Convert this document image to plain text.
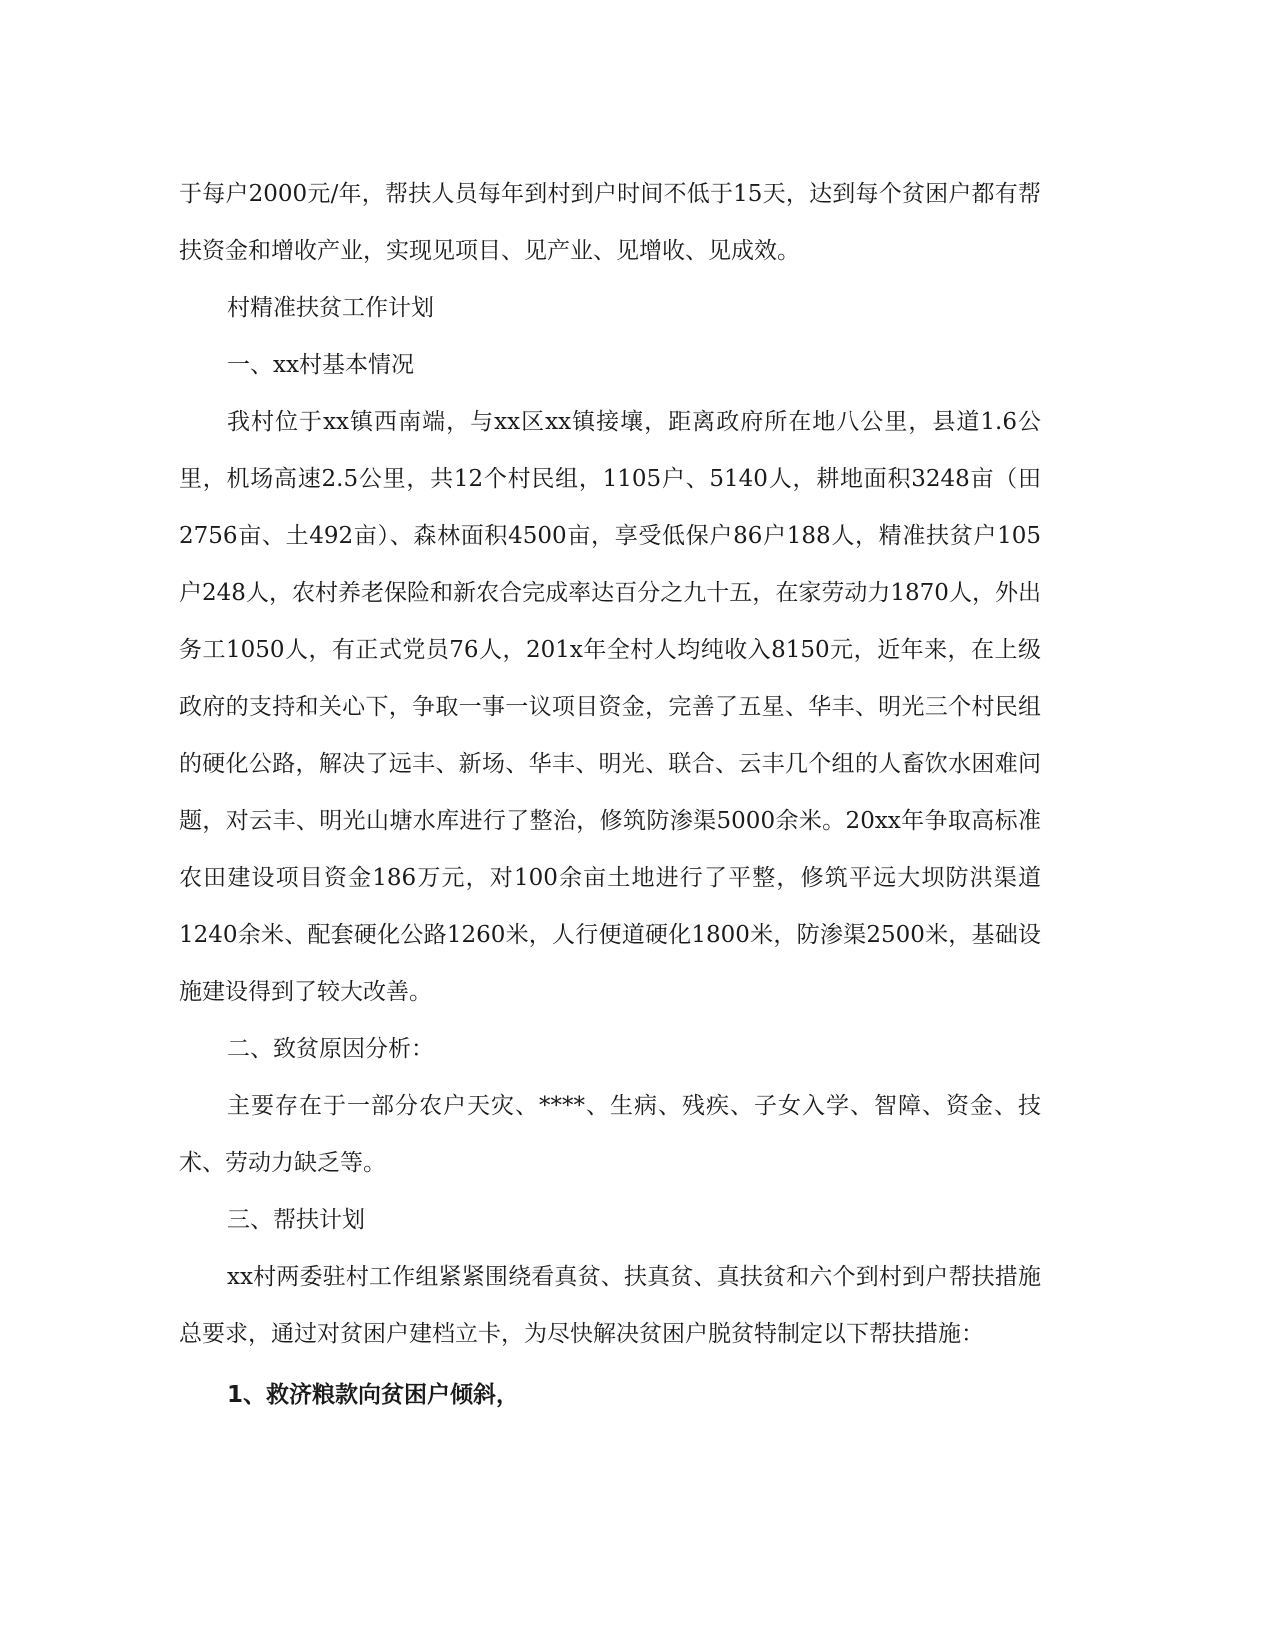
于每户2000元/年，帮扶人员每年到村到户时间不低于15天，达到每个贫困户都有帮扶资金和增收产业，实现见项目、见产业、见增收、见成效。

村精准扶贫工作计划

一、xx村基本情况

我村位于xx镇西南端，与xx区xx镇接壤，距离政府所在地八公里，县道1.6公里，机场高速2.5公里，共12个村民组，1105户、5140人，耕地面积3248亩（田2756亩、土492亩）、森林面积4500亩，享受低保户86户188人，精准扶贫户105户248人，农村养老保险和新农合完成率达百分之九十五，在家劳动力1870人，外出务工1050人，有正式党员76人，201x年全村人均纯收入8150元，近年来，在上级政府的支持和关心下，争取一事一议项目资金，完善了五星、华丰、明光三个村民组的硬化公路，解决了远丰、新场、华丰、明光、联合、云丰几个组的人畜饮水困难问题，对云丰、明光山塘水库进行了整治，修筑防渗渠5000余米。20xx年争取高标准农田建设项目资金186万元，对100余亩土地进行了平整，修筑平远大坝防洪渠道1240余米、配套硬化公路1260米，人行便道硬化1800米，防渗渠2500米，基础设施建设得到了较大改善。

二、致贫原因分析：

主要存在于一部分农户天灾、****、生病、残疾、子女入学、智障、资金、技术、劳动力缺乏等。

三、帮扶计划

xx村两委驻村工作组紧紧围绕看真贫、扶真贫、真扶贫和六个到村到户帮扶措施总要求，通过对贫困户建档立卡，为尽快解决贫困户脱贫特制定以下帮扶措施：

1、救济粮款向贫困户倾斜，
